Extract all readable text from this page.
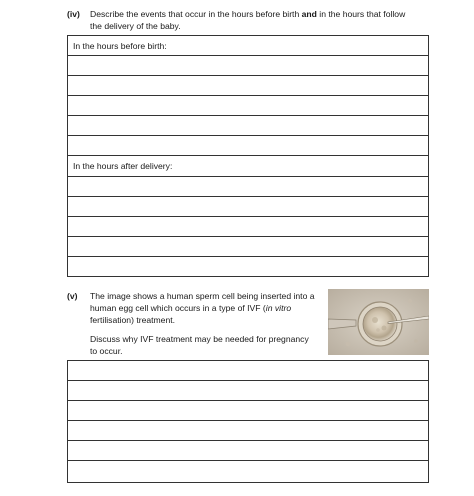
(iv) Describe the events that occur in the hours before birth and in the hours that follow

the delivery of the baby.

In the hours before birth:
In the hours after delivery:
(v) The image shows a human sperm cell being inserted into a

human egg cell which occurs in a type of IVF (in vitro

fertilisation) treatment.

Discuss why IVF treatment may be needed for pregnancy

to occur.
